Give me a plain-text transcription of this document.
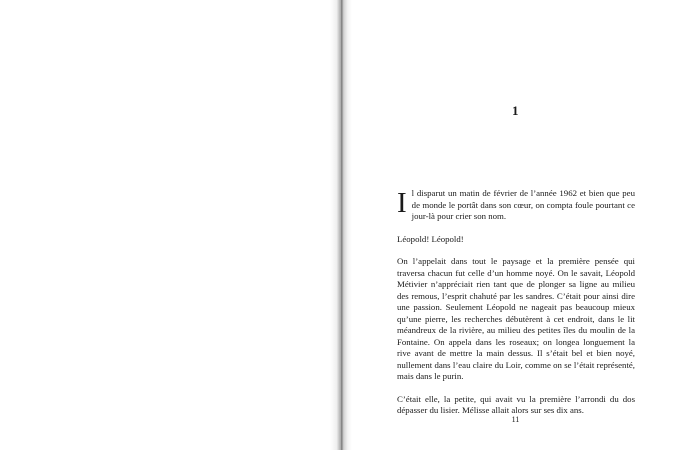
1

Il disparut un matin de février de l’année 1962 et bien que peu de monde le portât dans son cœur, on compta foule pourtant ce jour-là pour crier son nom.

Léopold! Léopold!

On l’appelait dans tout le paysage et la première pensée qui traversa chacun fut celle d’un homme noyé. On le savait, Léopold Métivier n’appréciait rien tant que de plonger sa ligne au milieu des remous, l’esprit chahuté par les sandres. C’était pour ainsi dire une passion. Seulement Léopold ne nageait pas beaucoup mieux qu’une pierre, les recherches débutèrent à cet endroit, dans le lit méandreux de la rivière, au milieu des petites îles du moulin de la Fontaine. On appela dans les roseaux; on longea longuement la rive avant de mettre la main dessus. Il s’était bel et bien noyé, nullement dans l’eau claire du Loir, comme on se l’était représenté, mais dans le purin.

C’était elle, la petite, qui avait vu la première l’arrondi du dos dépasser du lisier. Mélisse allait alors sur ses dix ans.

11
